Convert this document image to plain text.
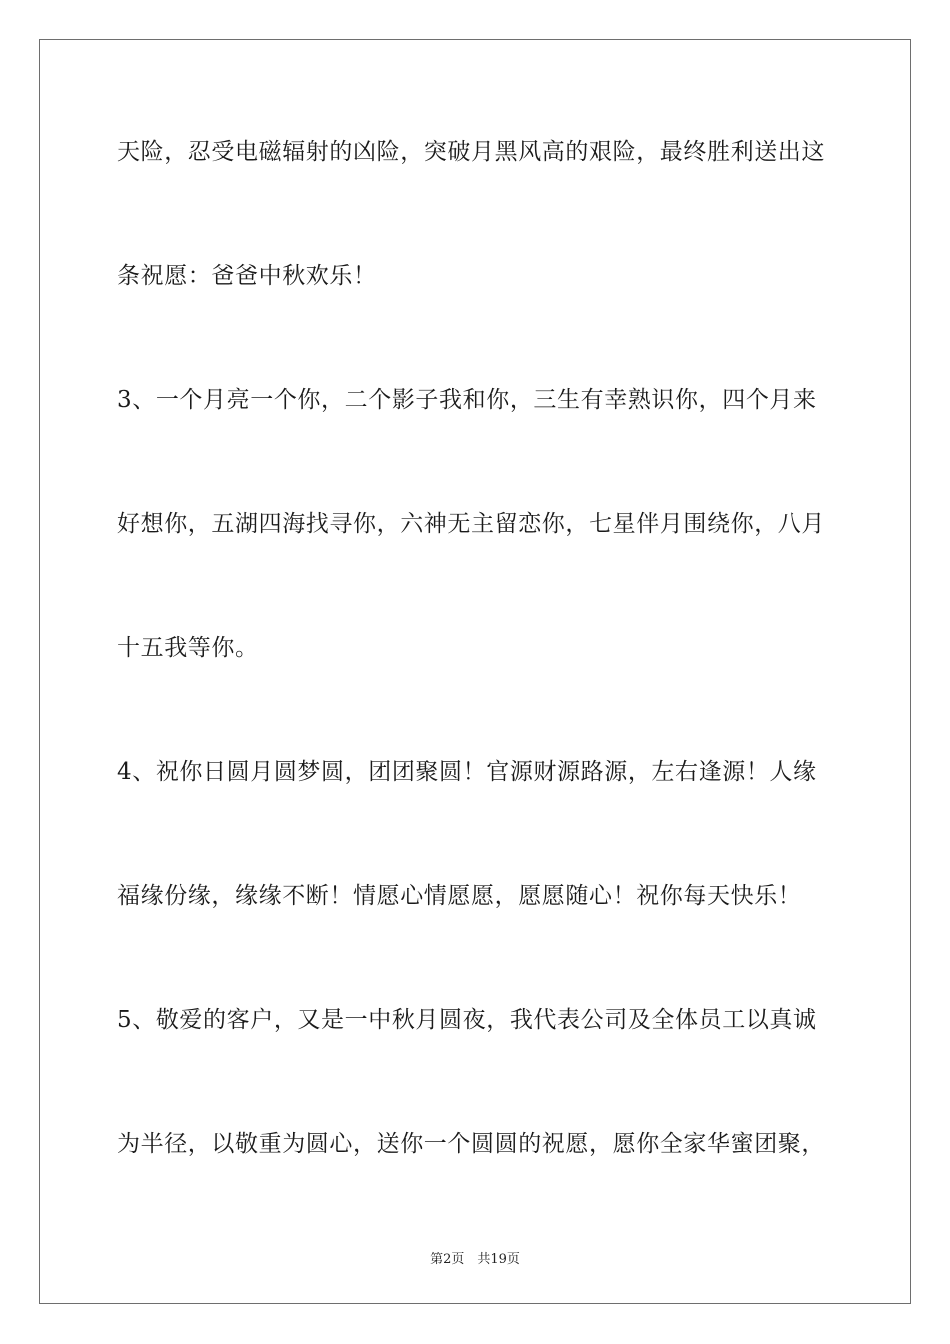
天险，忍受电磁辐射的凶险，突破月黑风高的艰险，最终胜利送出这
条祝愿：爸爸中秋欢乐！
3、一个月亮一个你，二个影子我和你，三生有幸熟识你，四个月来
好想你，五湖四海找寻你，六神无主留恋你，七星伴月围绕你，八月
十五我等你。
4、祝你日圆月圆梦圆，团团聚圆！官源财源路源，左右逢源！人缘
福缘份缘，缘缘不断！情愿心情愿愿，愿愿随心！祝你每天快乐！
5、敬爱的客户，又是一中秋月圆夜，我代表公司及全体员工以真诚
为半径，以敬重为圆心，送你一个圆圆的祝愿，愿你全家华蜜团聚，
第2页　共19页
